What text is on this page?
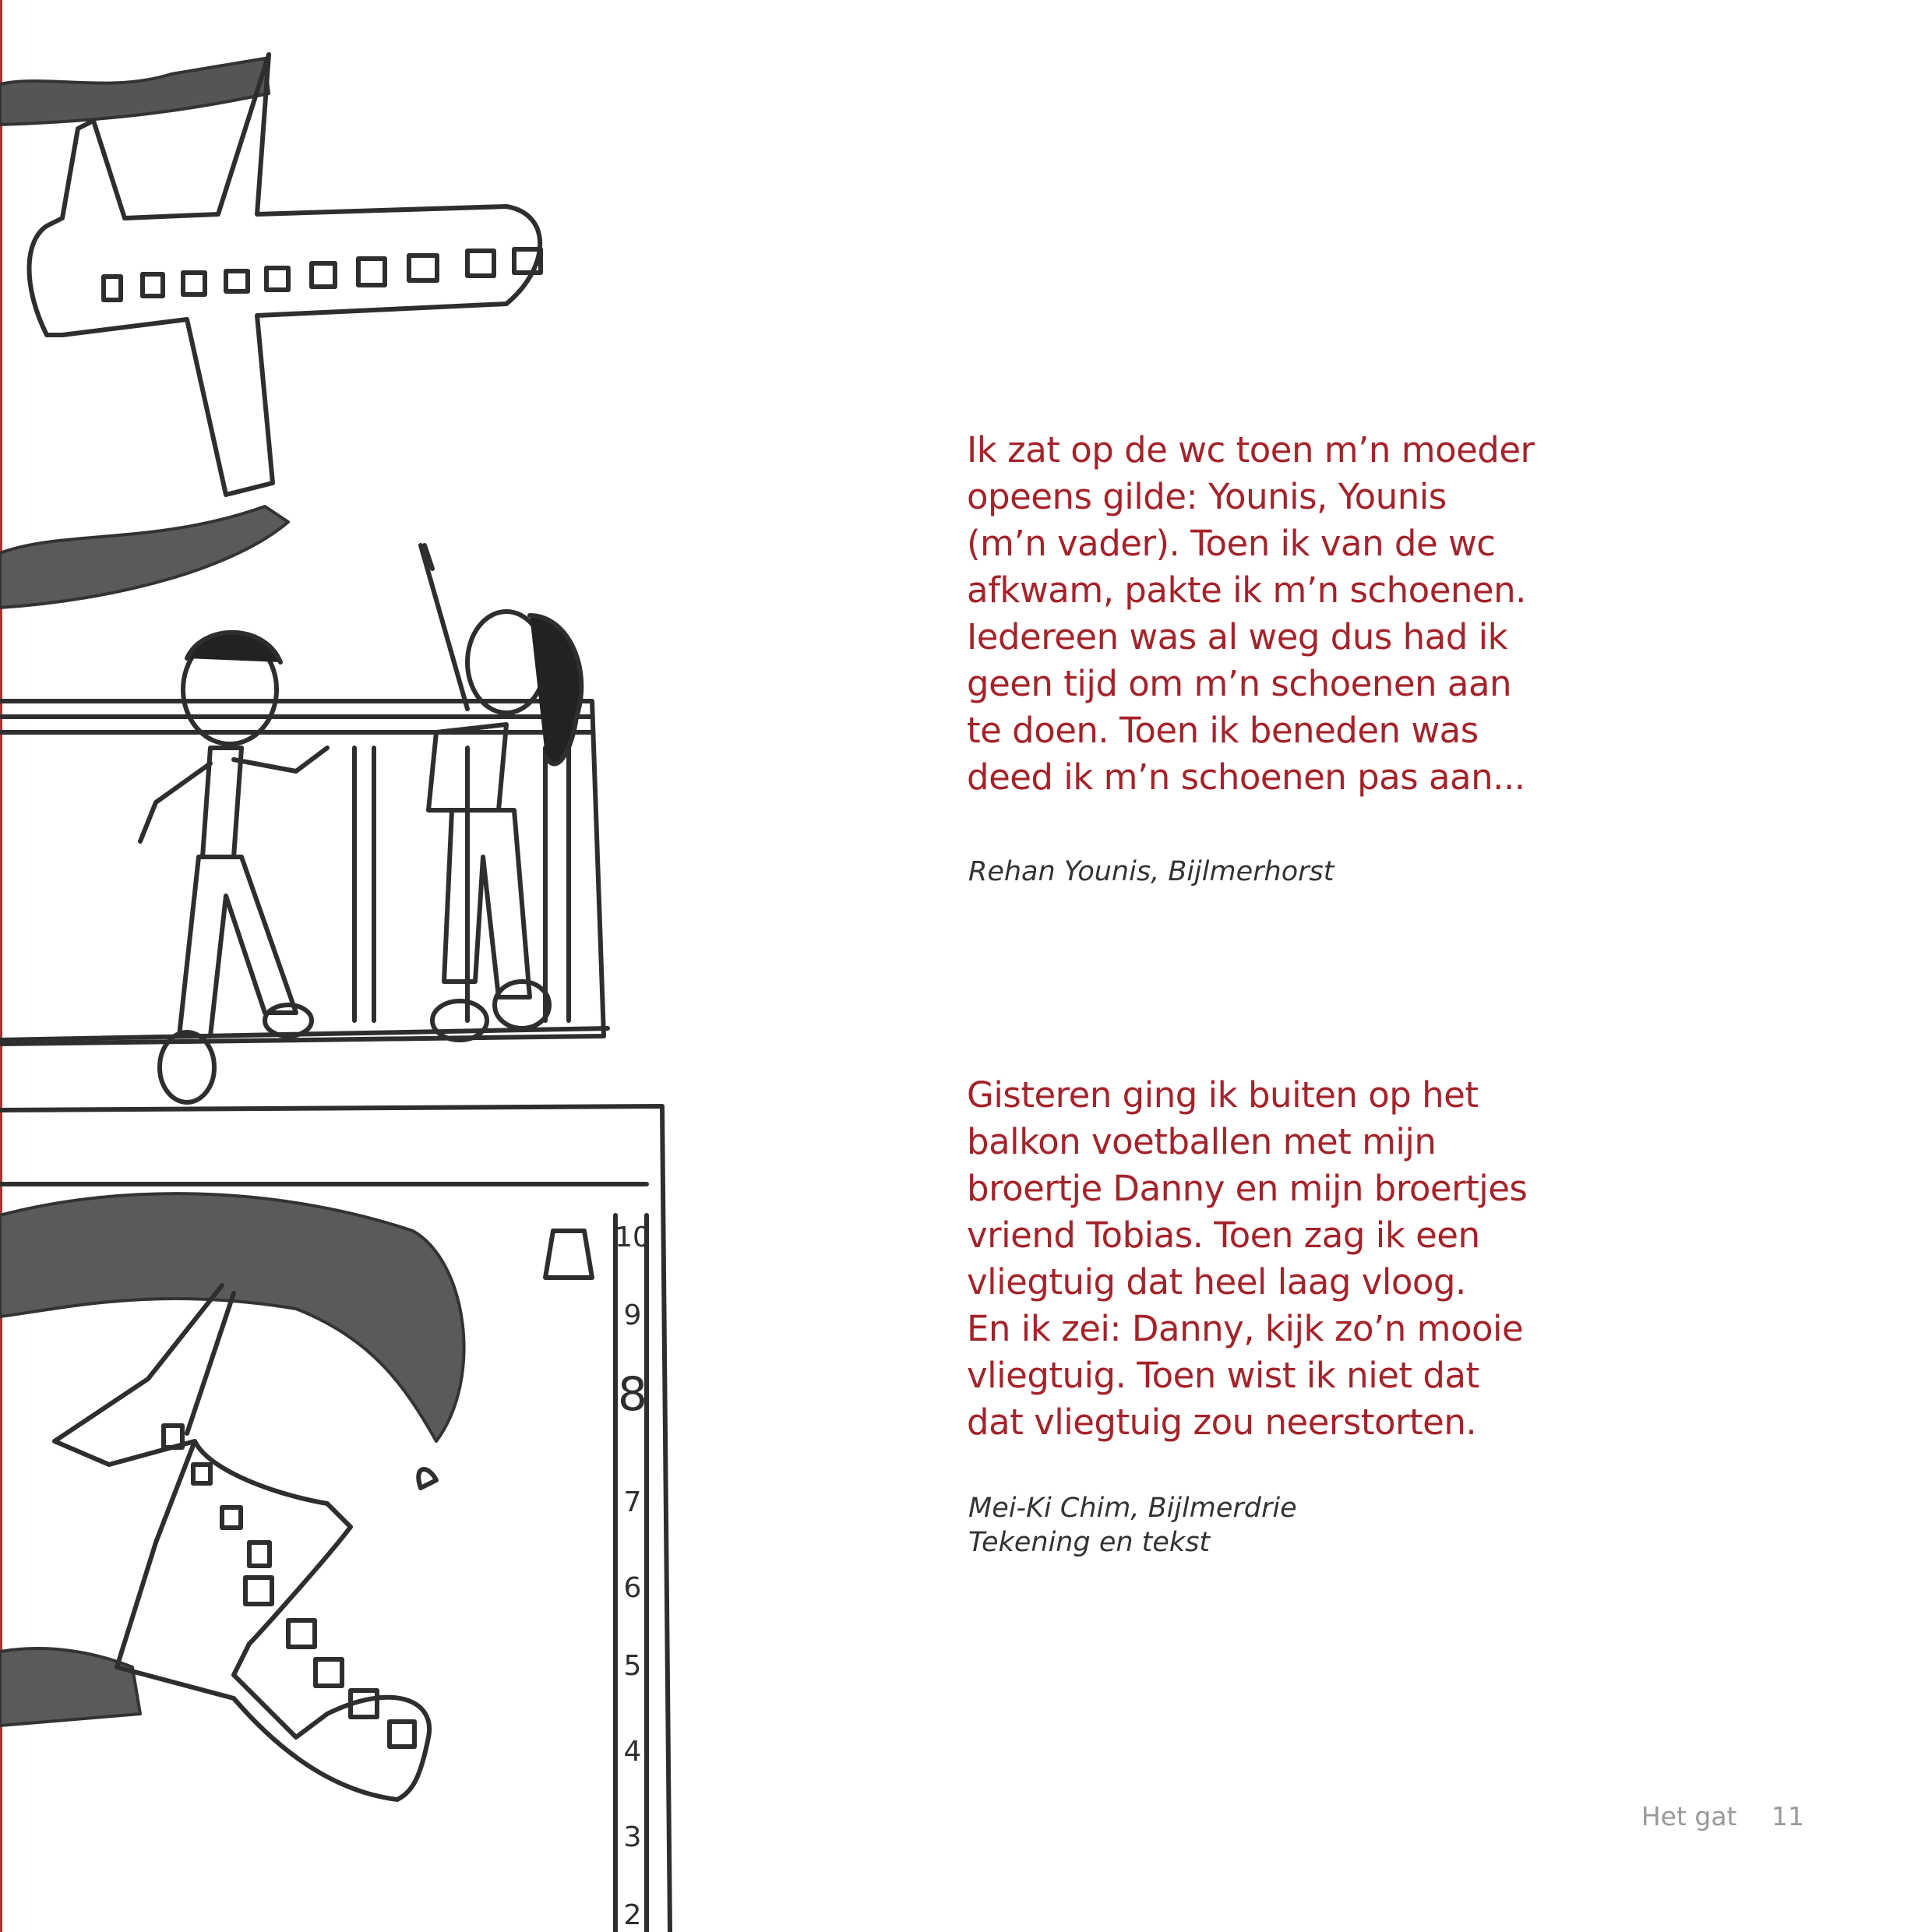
10
9
8
7
6
5
4
3
2

Ik zat op de wc toen m’n moeder

opeens gilde: Younis, Younis

(m’n vader). Toen ik van de wc

afkwam, pakte ik m’n schoenen.

Iedereen was al weg dus had ik

geen tijd om m’n schoenen aan

te doen. Toen ik beneden was

deed ik m’n schoenen pas aan...

Rehan Younis, Bijlmerhorst

Gisteren ging ik buiten op het

balkon voetballen met mijn

broertje Danny en mijn broertjes

vriend Tobias. Toen zag ik een

vliegtuig dat heel laag vloog.

En ik zei: Danny, kijk zo’n mooie

vliegtuig. Toen wist ik niet dat

dat vliegtuig zou neerstorten.

Mei-Ki Chim, Bijlmerdrie
Tekening en tekst
Het gat 11
